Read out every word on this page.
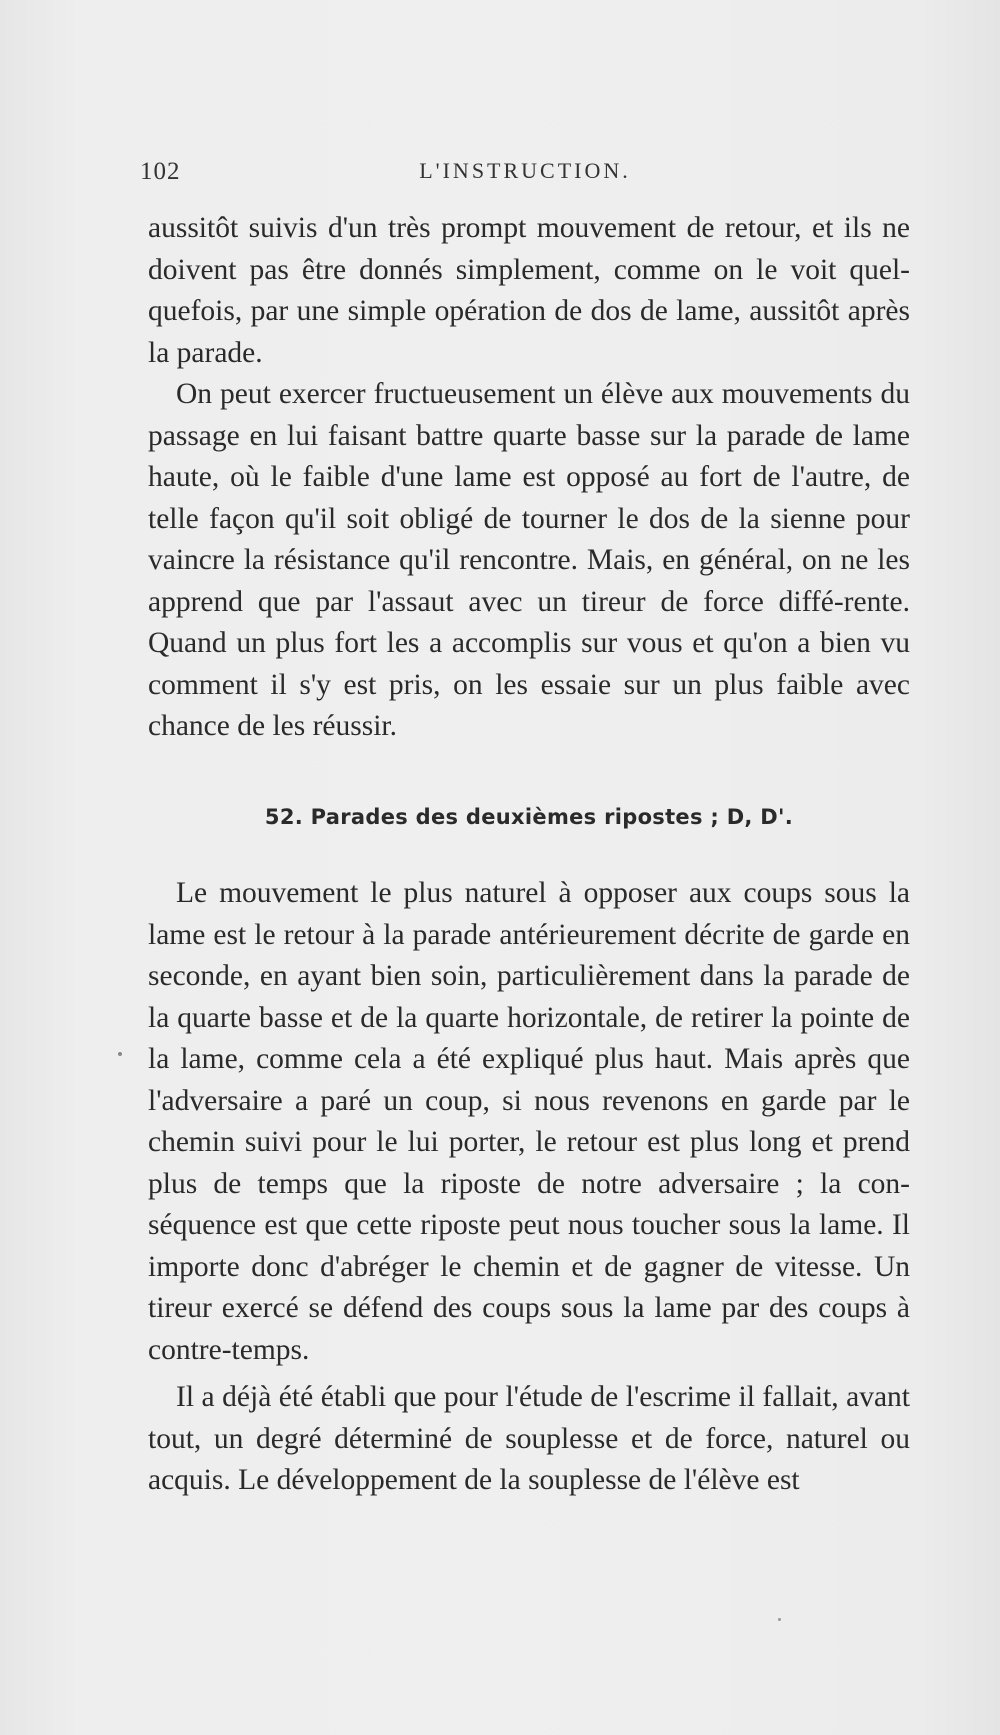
102	L'INSTRUCTION.

aussitôt suivis d'un très prompt mouvement de retour, et ils ne doivent pas être donnés simplement, comme on le voit quel-quefois, par une simple opération de dos de lame, aussitôt après la parade.

On peut exercer fructueusement un élève aux mouvements du passage en lui faisant battre quarte basse sur la parade de lame haute, où le faible d'une lame est opposé au fort de l'autre, de telle façon qu'il soit obligé de tourner le dos de la sienne pour vaincre la résistance qu'il rencontre. Mais, en général, on ne les apprend que par l'assaut avec un tireur de force diffé-rente. Quand un plus fort les a accomplis sur vous et qu'on a bien vu comment il s'y est pris, on les essaie sur un plus faible avec chance de les réussir.

52. Parades des deuxièmes ripostes ; D, D'.

Le mouvement le plus naturel à opposer aux coups sous la lame est le retour à la parade antérieurement décrite de garde en seconde, en ayant bien soin, particulièrement dans la parade de la quarte basse et de la quarte horizontale, de retirer la pointe de la lame, comme cela a été expliqué plus haut. Mais après que l'adversaire a paré un coup, si nous revenons en garde par le chemin suivi pour le lui porter, le retour est plus long et prend plus de temps que la riposte de notre adversaire ; la con-séquence est que cette riposte peut nous toucher sous la lame. Il importe donc d'abréger le chemin et de gagner de vitesse. Un tireur exercé se défend des coups sous la lame par des coups à contre-temps.

Il a déjà été établi que pour l'étude de l'escrime il fallait, avant tout, un degré déterminé de souplesse et de force, naturel ou acquis. Le développement de la souplesse de l'élève est
